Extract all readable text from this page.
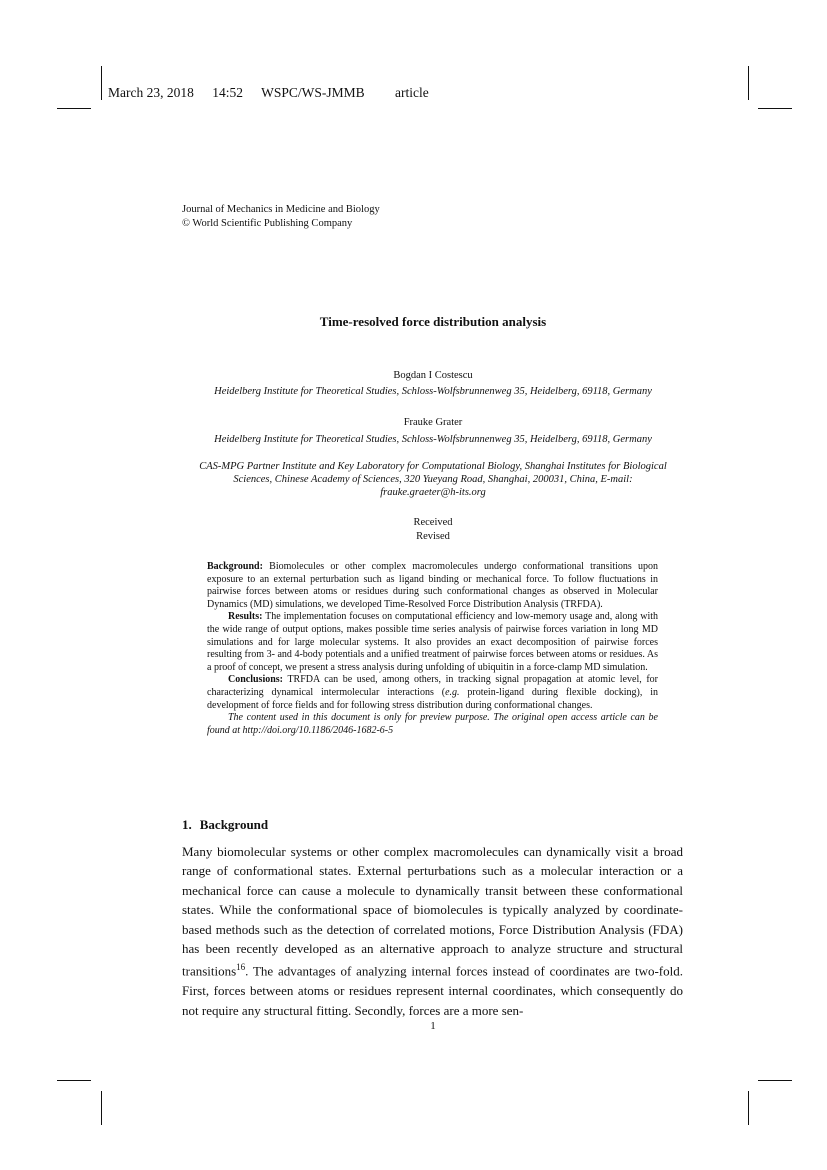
March 23, 2018 14:52 WSPC/WS-JMMB article
Journal of Mechanics in Medicine and Biology
© World Scientific Publishing Company
Time-resolved force distribution analysis
Bogdan I Costescu
Heidelberg Institute for Theoretical Studies, Schloss-Wolfsbrunnenweg 35, Heidelberg, 69118, Germany
Frauke Grater
Heidelberg Institute for Theoretical Studies, Schloss-Wolfsbrunnenweg 35, Heidelberg, 69118, Germany
CAS-MPG Partner Institute and Key Laboratory for Computational Biology, Shanghai Institutes for Biological
Sciences, Chinese Academy of Sciences, 320 Yueyang Road, Shanghai, 200031, China, E-mail:
frauke.graeter@h-its.org
Received
Revised

Background: Biomolecules or other complex macromolecules undergo conformational transitions upon exposure to an external perturbation such as ligand binding or mechanical force. To follow fluctuations in pairwise forces between atoms or residues during such conformational changes as observed in Molecular Dynamics (MD) simulations, we developed Time-Resolved Force Distribution Analysis (TRFDA).

Results: The implementation focuses on computational efficiency and low-memory usage and, along with the wide range of output options, makes possible time series analysis of pairwise forces variation in long MD simulations and for large molecular systems. It also provides an exact decomposition of pairwise forces resulting from 3- and 4-body potentials and a unified treatment of pairwise forces between atoms or residues. As a proof of concept, we present a stress analysis during unfolding of ubiquitin in a force-clamp MD simulation.

Conclusions: TRFDA can be used, among others, in tracking signal propagation at atomic level, for characterizing dynamical intermolecular interactions (e.g. protein-ligand during flexible docking), in development of force fields and for following stress distribution during conformational changes.

The content used in this document is only for preview purpose. The original open access article can be found at http://doi.org/10.1186/2046-1682-6-5

1. Background
Many biomolecular systems or other complex macromolecules can dynamically visit a broad range of conformational states. External perturbations such as a molecular interaction or a mechanical force can cause a molecule to dynamically transit between these conformational states. While the conformational space of biomolecules is typically analyzed by coordinate-based methods such as the detection of correlated motions, Force Distribution Analysis (FDA) has been recently developed as an alternative approach to analyze structure and structural transitions$^{16}$. The advantages of analyzing internal forces instead of coordinates are two-fold. First, forces between atoms or residues represent internal coordinates, which consequently do not require any structural fitting. Secondly, forces are a more sen-
1
